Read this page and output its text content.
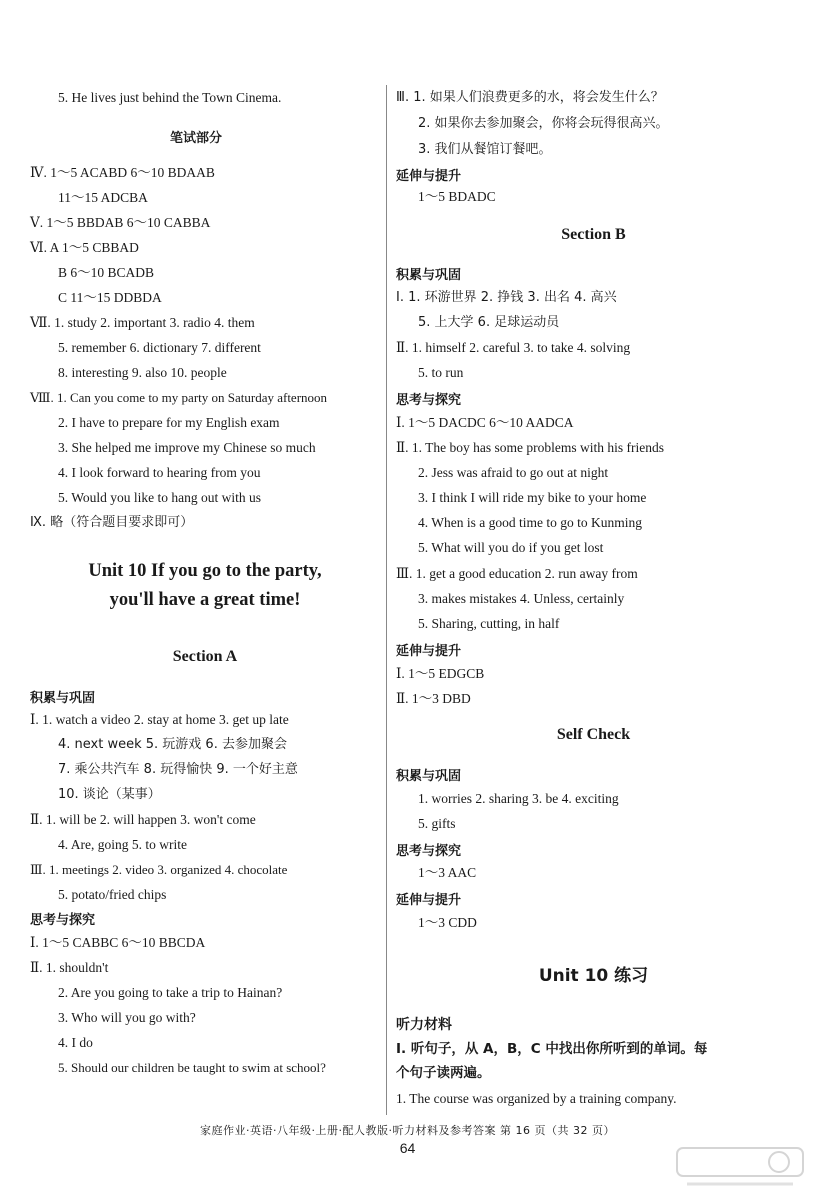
5. He lives just behind the Town Cinema.
笔试部分
Ⅳ. 1～5 ACABD 6～10 BDAAB
11～15 ADCBA
Ⅴ. 1～5 BBDAB 6～10 CABBA
Ⅵ. A 1～5 CBBAD
B 6～10 BCADB
C 11～15 DDBDA
Ⅶ. 1. study 2. important 3. radio 4. them
5. remember 6. dictionary 7. different
8. interesting 9. also 10. people
Ⅷ. 1. Can you come to my party on Saturday afternoon
2. I have to prepare for my English exam
3. She helped me improve my Chinese so much
4. I look forward to hearing from you
5. Would you like to hang out with us
Ⅸ. 略（符合题目要求即可）
Unit 10 If you go to the party,
you'll have a great time!
Section A
积累与巩固
Ⅰ. 1. watch a video 2. stay at home 3. get up late
4. next week 5. 玩游戏 6. 去参加聚会
7. 乘公共汽车 8. 玩得愉快 9. 一个好主意
10. 谈论（某事）
Ⅱ. 1. will be 2. will happen 3. won't come
4. Are, going 5. to write
Ⅲ. 1. meetings 2. video 3. organized 4. chocolate
5. potato/fried chips
思考与探究
Ⅰ. 1～5 CABBC 6～10 BBCDA
Ⅱ. 1. shouldn't
2. Are you going to take a trip to Hainan?
3. Who will you go with?
4. I do
5. Should our children be taught to swim at school?
Ⅲ. 1. 如果人们浪费更多的水，将会发生什么？
2. 如果你去参加聚会，你将会玩得很高兴。
3. 我们从餐馆订餐吧。
延伸与提升
1～5 BDADC
Section B
积累与巩固
Ⅰ. 1. 环游世界 2. 挣钱 3. 出名 4. 高兴
5. 上大学 6. 足球运动员
Ⅱ. 1. himself 2. careful 3. to take 4. solving
5. to run
思考与探究
Ⅰ. 1～5 DACDC 6～10 AADCA
Ⅱ. 1. The boy has some problems with his friends
2. Jess was afraid to go out at night
3. I think I will ride my bike to your home
4. When is a good time to go to Kunming
5. What will you do if you get lost
Ⅲ. 1. get a good education 2. run away from
3. makes mistakes 4. Unless, certainly
5. Sharing, cutting, in half
延伸与提升
Ⅰ. 1～5 EDGCB
Ⅱ. 1～3 DBD
Self Check
积累与巩固
1. worries 2. sharing 3. be 4. exciting
5. gifts
思考与探究
1～3 AAC
延伸与提升
1～3 CDD
Unit 10 练习
听力材料
Ⅰ. 听句子，从 A，B，C 中找出你所听到的单词。每
个句子读两遍。
1. The course was organized by a training company.
家庭作业·英语·八年级·上册·配人教版·听力材料及参考答案 第 16 页（共 32 页）
64
